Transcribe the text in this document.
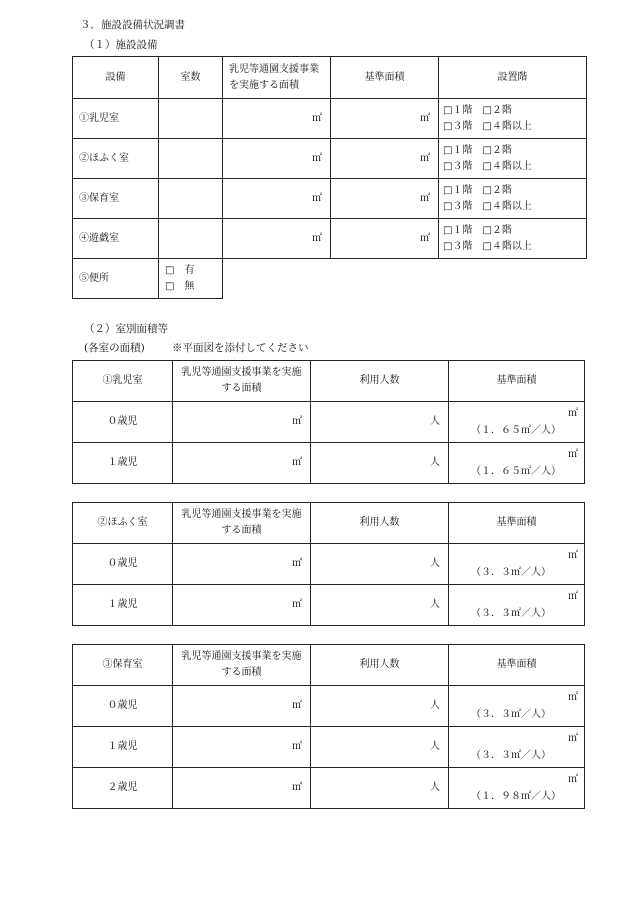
３．施設設備状況調書
（１）施設設備
設備	室数	乳児等通園支援事業を実施する面積	基準面積	設置階
①乳児室		㎡	㎡	□１階　□２階
□３階　□４階以上

②ほふく室		㎡	㎡	□１階　□２階
□３階　□４階以上

③保育室		㎡	㎡	□１階　□２階
□３階　□４階以上

④遊戯室		㎡	㎡	□１階　□２階
□３階　□４階以上

⑤便所	□　有
□　無			

（２）室別面積等
(各室の面積)	※平面図を添付してください
①乳児室	乳児等通園支援事業を実施する面積	利用人数	基準面積
０歳児	㎡	人	㎡
（１．６５㎡／人）

１歳児	㎡	人	㎡
（１．６５㎡／人）
②ほふく室	乳児等通園支援事業を実施する面積	利用人数	基準面積
０歳児	㎡	人	㎡
（３．３㎡／人）

１歳児	㎡	人	㎡
（３．３㎡／人）
③保育室	乳児等通園支援事業を実施する面積	利用人数	基準面積
０歳児	㎡	人	㎡
（３．３㎡／人）

１歳児	㎡	人	㎡
（３．３㎡／人）

２歳児	㎡	人	㎡
（１．９８㎡／人）
